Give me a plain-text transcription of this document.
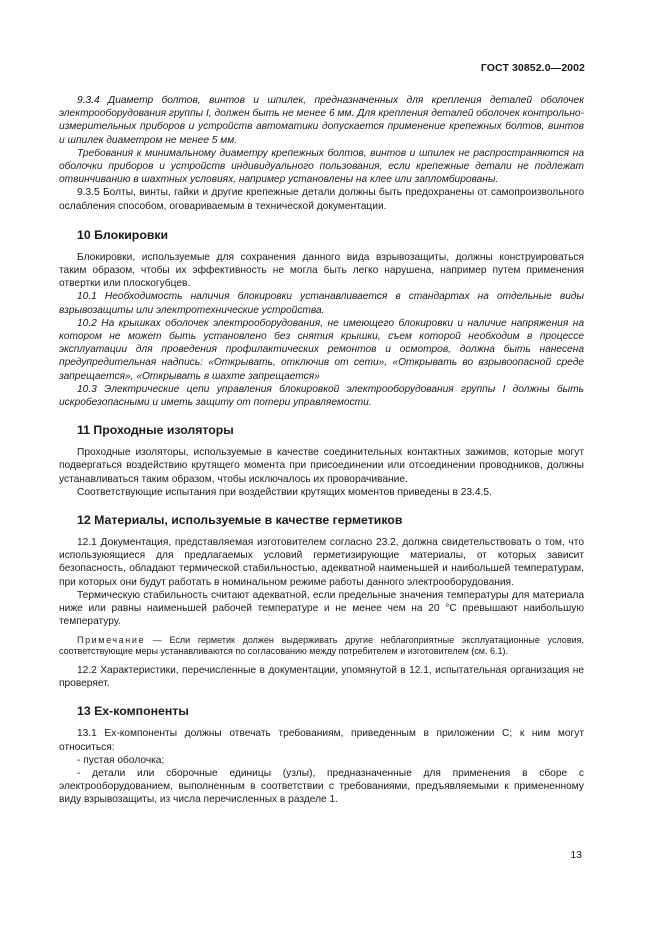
ГОСТ 30852.0—2002

9.3.4 Диаметр болтов, винтов и шпилек, предназначенных для крепления деталей оболочек электрооборудования группы I, должен быть не менее 6 мм. Для крепления деталей оболочек контрольно-измерительных приборов и устройств автоматики допускается применение крепежных болтов, винтов и шпилек диаметром не менее 5 мм.

Требования к минимальному диаметру крепежных болтов, винтов и шпилек не распространяются на оболочки приборов и устройств индивидуального пользования, если крепежные детали не подлежат отвинчиванию в шахтных условиях, например установлены на клее или запломбированы.

9.3.5 Болты, винты, гайки и другие крепежные детали должны быть предохранены от самопроизвольного ослабления способом, оговариваемым в технической документации.

10 Блокировки

Блокировки, используемые для сохранения данного вида взрывозащиты, должны конструироваться таким образом, чтобы их эффективность не могла быть легко нарушена, например путем применения отвертки или плоскогубцев.

10.1 Необходимость наличия блокировки устанавливается в стандартах на отдельные виды взрывозащиты или электротехнические устройства.

10.2 На крышках оболочек электрооборудования, не имеющего блокировки и наличие напряжения на котором не может быть установлено без снятия крышки, съем которой необходим в процессе эксплуатации для проведения профилактических ремонтов и осмотров, должна быть нанесена предупредительная надпись: «Открывать, отключив от сети», «Открывать во взрывоопасной среде запрещается», «Открывать в шахте запрещается»

10.3 Электрические цепи управления блокировкой электрооборудования группы I должны быть искробезопасными и иметь защиту от потери управляемости.

11 Проходные изоляторы

Проходные изоляторы, используемые в качестве соединительных контактных зажимов, которые могут подвергаться воздействию крутящего момента при присоединении или отсоединении проводников, должны устанавливаться таким образом, чтобы исключалось их проворачивание.

Соответствующие испытания при воздействии крутящих моментов приведены в 23.4.5.

12 Материалы, используемые в качестве герметиков

12.1 Документация, представляемая изготовителем согласно 23.2, должна свидетельствовать о том, что используюящиеся для предлагаемых условий герметизирующие материалы, от которых зависит безопасность, обладают термической стабильностью, адекватной наименьшей и наибольшей температурам, при которых они будут работать в номинальном режиме работы данного электрооборудования.

Термическую стабильность считают адекватной, если предельные значения температуры для материала ниже или равны наименьшей рабочей температуре и не менее чем на 20 °С превышают наибольшую температуру.

Примечание — Если герметик должен выдерживать другие неблагоприятные эксплуатационные условия, соответствующие меры устанавливаются по согласованию между потребителем и изготовителем (см. 6.1).

12.2 Характеристики, перечисленные в документации, упомянутой в 12.1, испытательная организация не проверяет.

13 Ех-компоненты

13.1 Ех-компоненты должны отвечать требованиям, приведенным в приложении С; к ним могут относиться:

- пустая оболочка;

- детали или сборочные единицы (узлы), предназначенные для применения в сборе с электрооборудованием, выполненным в соответствии с требованиями, предъявляемыми к примененному виду взрывозащиты, из числа перечисленных в разделе 1.

13
